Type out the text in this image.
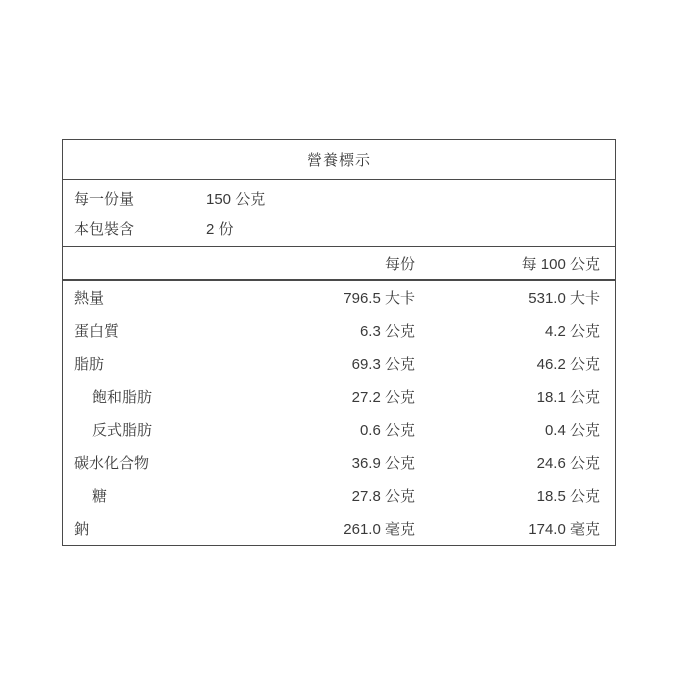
營養標示
每一份量	150 公克
本包裝含	2 份
每份	每 100 公克
熱量	796.5 大卡	531.0 大卡
蛋白質	6.3 公克	4.2 公克
脂肪	69.3 公克	46.2 公克
飽和脂肪	27.2 公克	18.1 公克
反式脂肪	0.6 公克	0.4 公克
碳水化合物	36.9 公克	24.6 公克
糖	27.8 公克	18.5 公克
鈉	261.0 毫克	174.0 毫克
